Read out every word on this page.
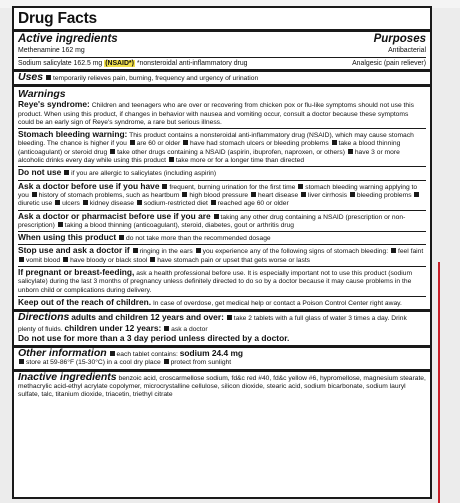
Drug Facts
Active ingredients	Purposes
Methenamine 162 mg	Antibacterial
Sodium salicylate 162.5 mg (NSAID*) *nonsteroidal anti-inflammatory drug	Analgesic (pain reliever)
Uses temporarily relieves pain, burning, frequency and urgency of urination
Warnings
Reye's syndrome: Children and teenagers who are over or recovering from chicken pox or flu-like symptoms should not use this product. When using this product, if changes in behavior with nausea and vomiting occur, consult a doctor because these symptoms could be an early sign of Reye's syndrome, a rare but serious illness.
Stomach bleeding warning: This product contains a nonsteroidal anti-inflammatory drug (NSAID), which may cause stomach bleeding. The chance is higher if you are 60 or older have had stomach ulcers or bleeding problems take a blood thinning (anticoagulant) or steroid drug take other drugs containing a NSAID (aspirin, ibuprofen, naproxen, or others) have 3 or more alcoholic drinks every day while using this product take more or for a longer time than directed
Do not use if you are allergic to salicylates (including aspirin)
Ask a doctor before use if you have frequent, burning urination for the first time stomach bleeding warning applying to you history of stomach problems, such as heartburn high blood pressure heart disease liver cirrhosis bleeding problems diuretic use ulcers kidney disease sodium-restricted diet reached age 60 or older
Ask a doctor or pharmacist before use if you are taking any other drug containing a NSAID (prescription or non-prescription) taking a blood thinning (anticoagulant), steroid, diabetes, gout or arthritis drug
When using this product do not take more than the recommended dosage
Stop use and ask a doctor if ringing in the ears you experience any of the following signs of stomach bleeding: feel faint vomit blood have bloody or black stool have stomach pain or upset that gets worse or lasts
If pregnant or breast-feeding, ask a health professional before use. It is especially important not to use this product (sodium salicylate) during the last 3 months of pregnancy unless definitely directed to do so by a doctor because it may cause problems in the unborn child or complications during delivery.
Keep out of the reach of children. In case of overdose, get medical help or contact a Poison Control Center right away.
Directions adults and children 12 years and over: take 2 tablets with a full glass of water 3 times a day. Drink plenty of fluids. children under 12 years: ask a doctor
Do not use for more than a 3 day period unless directed by a doctor.
Other information each tablet contains: sodium 24.4 mg
store at 59-86°F (15-30°C) in a cool dry place protect from sunlight
Inactive ingredients benzoic acid, croscarmellose sodium, fd&c red #40, fd&c yellow #6, hypromellose, magnesium stearate, methacrylic acid-ethyl acrylate copolymer, microcrystalline cellulose, silicon dioxide, stearic acid, sodium bicarbonate, sodium lauryl sulfate, talc, titanium dioxide, triacetin, triethyl citrate
